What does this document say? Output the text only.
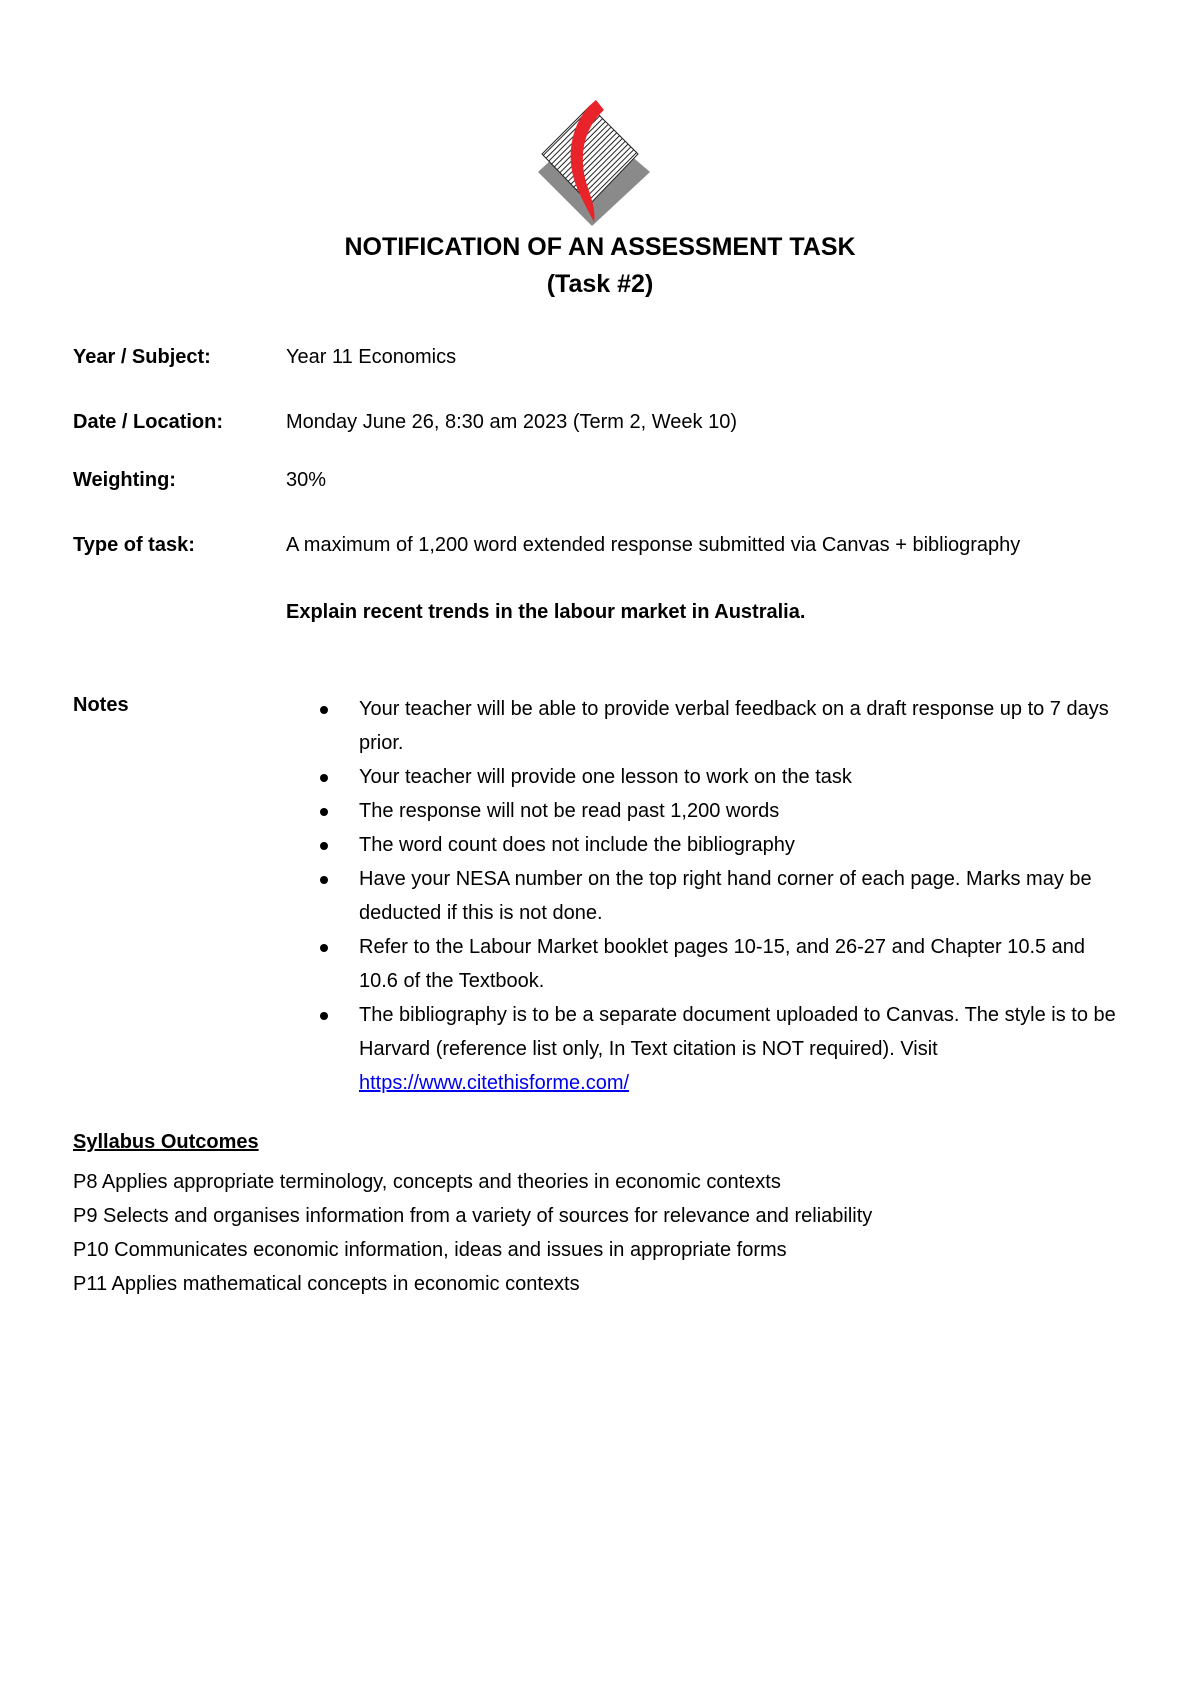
NOTIFICATION OF AN ASSESSMENT TASK
(Task #2)
Year / Subject:	Year 11 Economics
Date / Location:	Monday June 26, 8:30 am 2023 (Term 2, Week 10)
Weighting:	30%
Type of task:	A maximum of 1,200 word extended response submitted via Canvas + bibliography
Explain recent trends in the labour market in Australia.
Notes	Your teacher will be able to provide verbal feedback on a draft response up to 7 days prior.
Your teacher will provide one lesson to work on the task
The response will not be read past 1,200 words
The word count does not include the bibliography
Have your NESA number on the top right hand corner of each page. Marks may be deducted if this is not done.
Refer to the Labour Market booklet pages 10-15, and 26-27 and Chapter 10.5 and 10.6 of the Textbook.
The bibliography is to be a separate document uploaded to Canvas. The style is to be Harvard (reference list only, In Text citation is NOT required). Visit
https://www.citethisforme.com/
Syllabus Outcomes
P8 Applies appropriate terminology, concepts and theories in economic contexts
P9 Selects and organises information from a variety of sources for relevance and reliability
P10 Communicates economic information, ideas and issues in appropriate forms
P11 Applies mathematical concepts in economic contexts
